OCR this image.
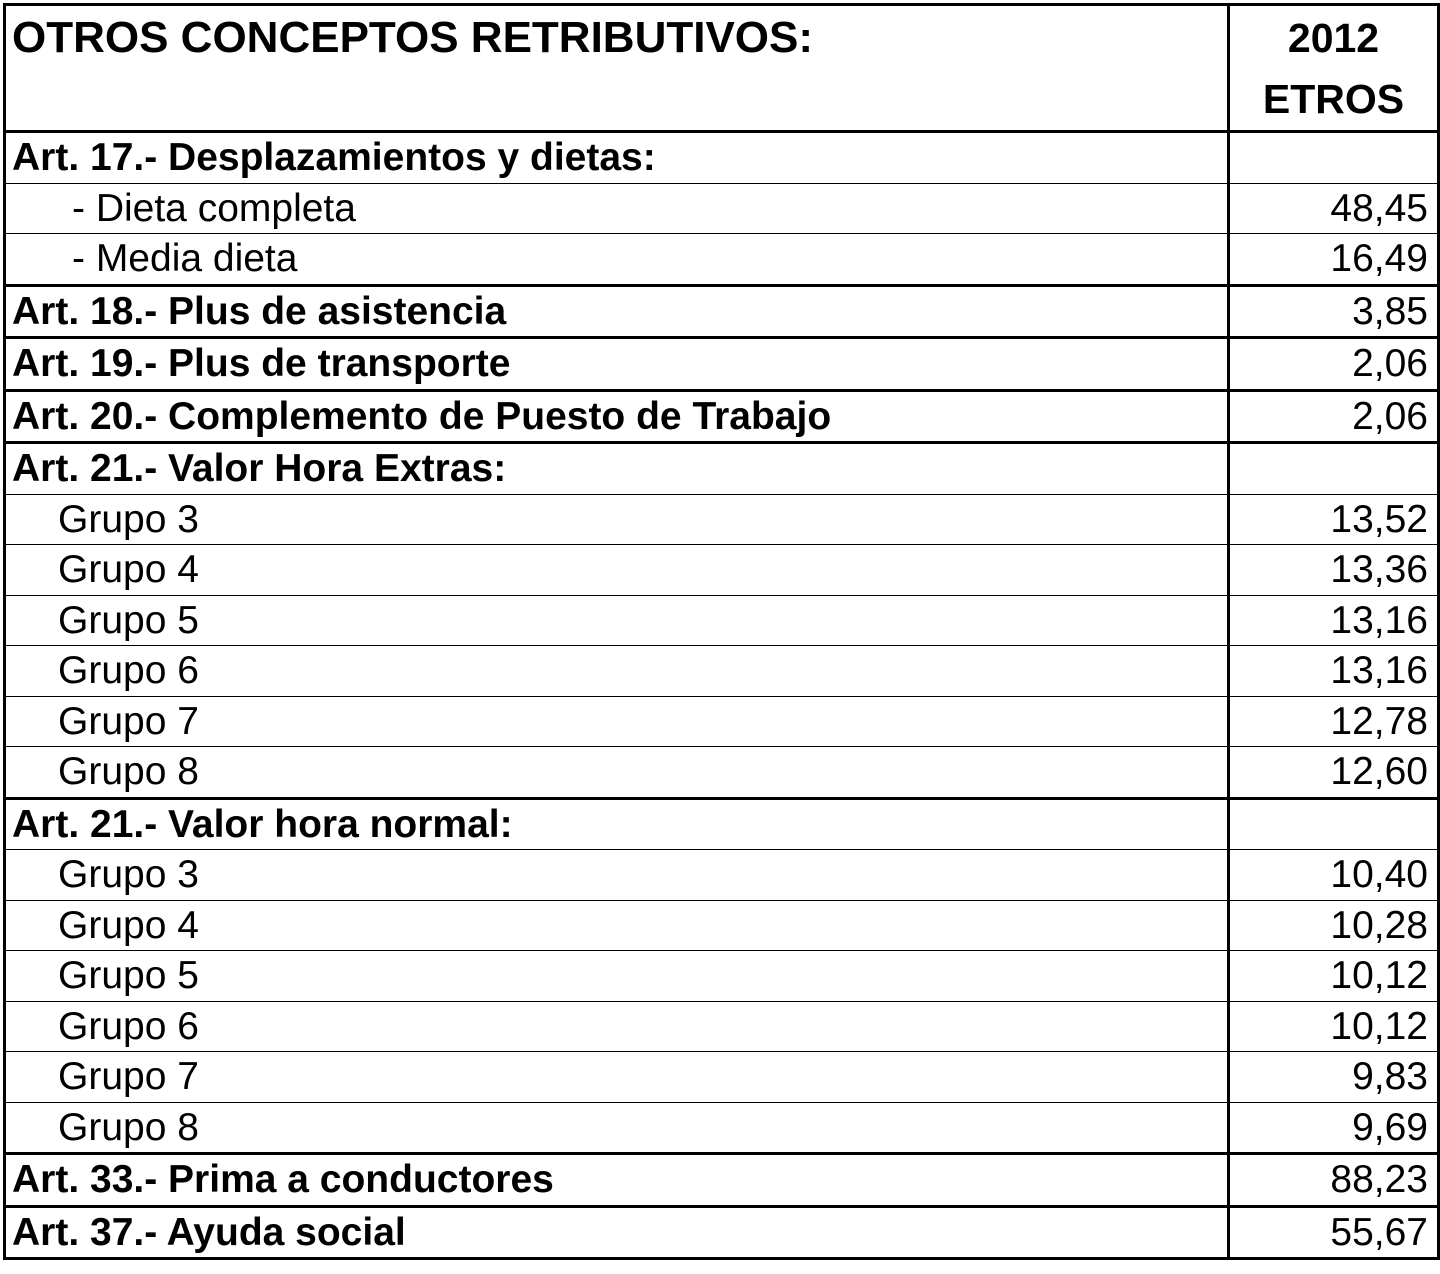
OTROS CONCEPTOS RETRIBUTIVOS:	2012
ETROS

Art. 17.- Desplazamientos y dietas:	
- Dieta completa	48,45
- Media dieta	16,49
Art. 18.- Plus de asistencia	3,85
Art. 19.- Plus de transporte	2,06
Art. 20.- Complemento de Puesto de Trabajo	2,06
Art. 21.- Valor Hora Extras:	
Grupo 3	13,52
Grupo 4	13,36
Grupo 5	13,16
Grupo 6	13,16
Grupo 7	12,78
Grupo 8	12,60
Art. 21.- Valor hora normal:	
Grupo 3	10,40
Grupo 4	10,28
Grupo 5	10,12
Grupo 6	10,12
Grupo 7	9,83
Grupo 8	9,69
Art. 33.- Prima a conductores	88,23
Art. 37.- Ayuda social	55,67
